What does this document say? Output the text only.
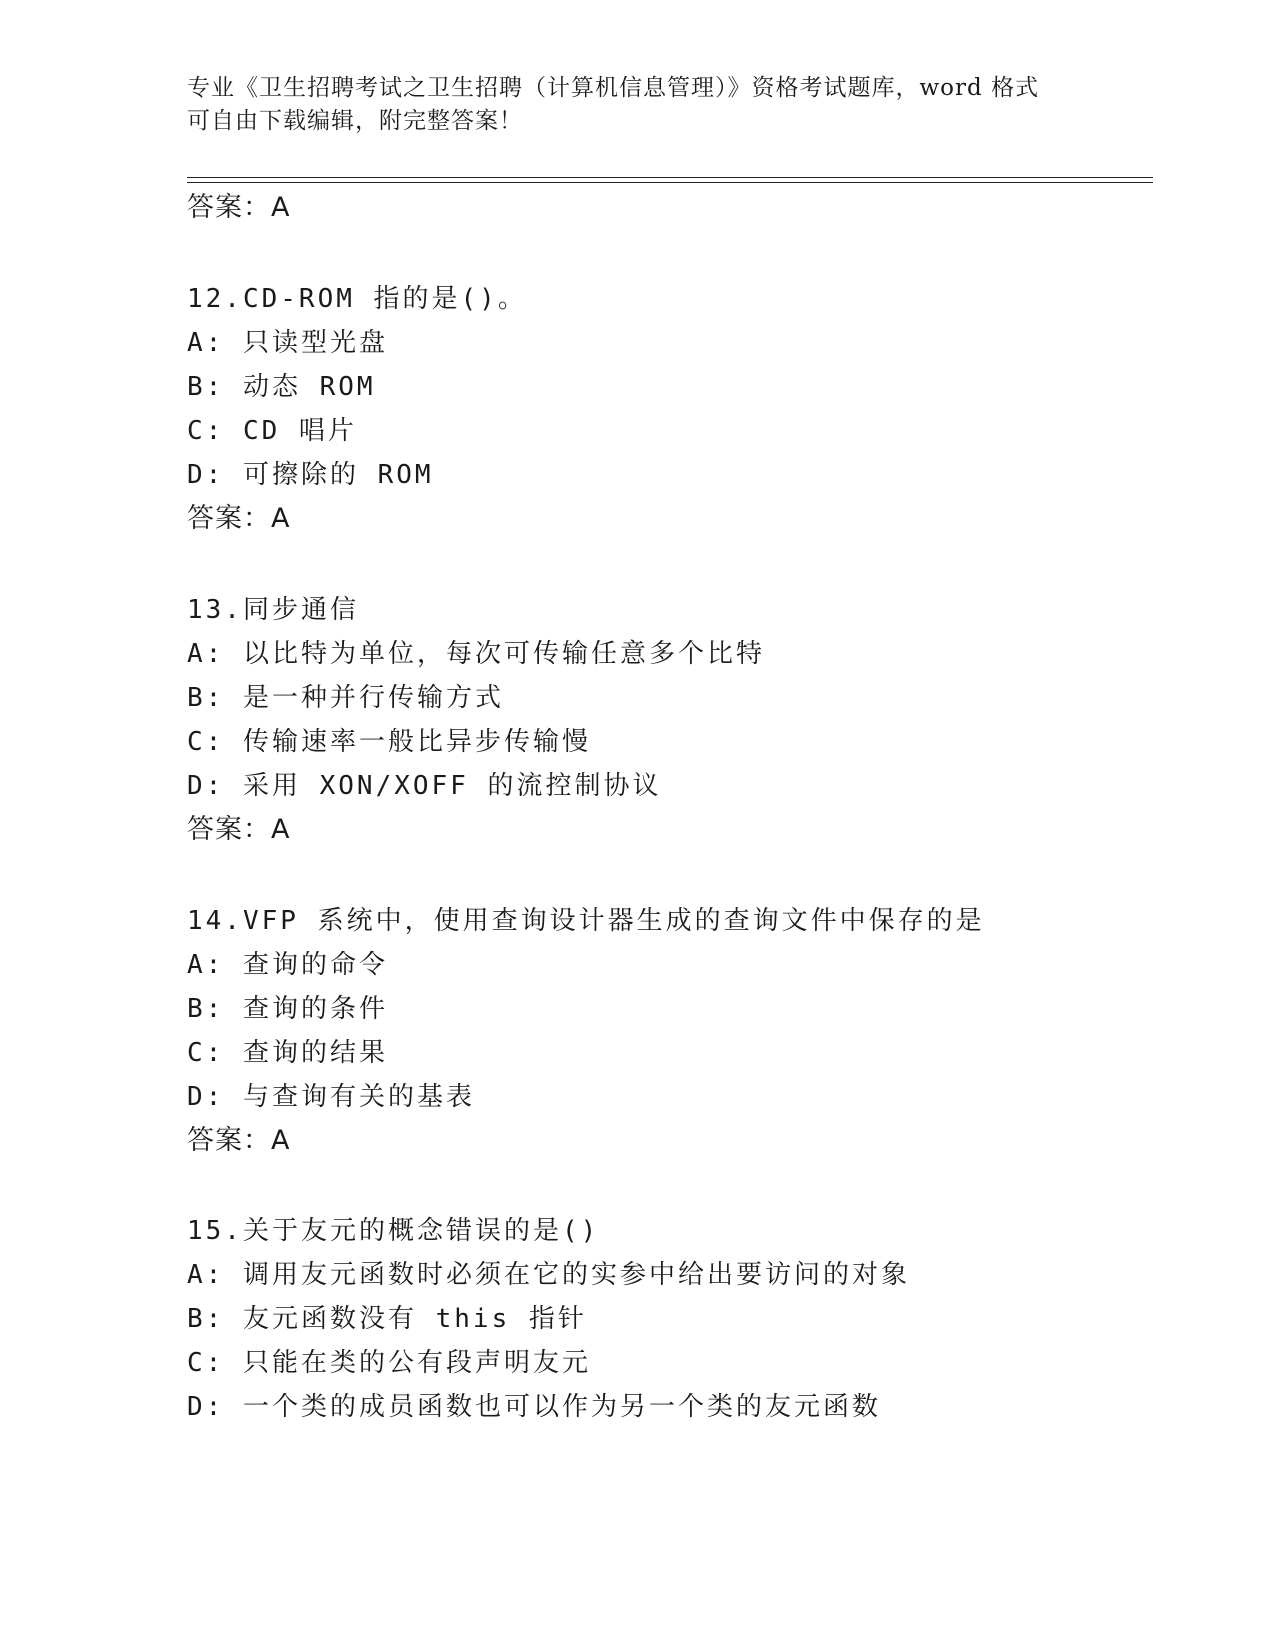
专业《卫生招聘考试之卫生招聘（计算机信息管理）》资格考试题库，word 格式
可自由下载编辑，附完整答案！
答案：A
12.CD-ROM 指的是()。
A: 只读型光盘
B: 动态 ROM
C: CD 唱片
D: 可擦除的 ROM
答案：A
13.同步通信
A: 以比特为单位，每次可传输任意多个比特
B: 是一种并行传输方式
C: 传输速率一般比异步传输慢
D: 采用 XON/XOFF 的流控制协议
答案：A
14.VFP 系统中，使用查询设计器生成的查询文件中保存的是
A: 查询的命令
B: 查询的条件
C: 查询的结果
D: 与查询有关的基表
答案：A
15.关于友元的概念错误的是()
A: 调用友元函数时必须在它的实参中给出要访问的对象
B: 友元函数没有 this 指针
C: 只能在类的公有段声明友元
D: 一个类的成员函数也可以作为另一个类的友元函数
